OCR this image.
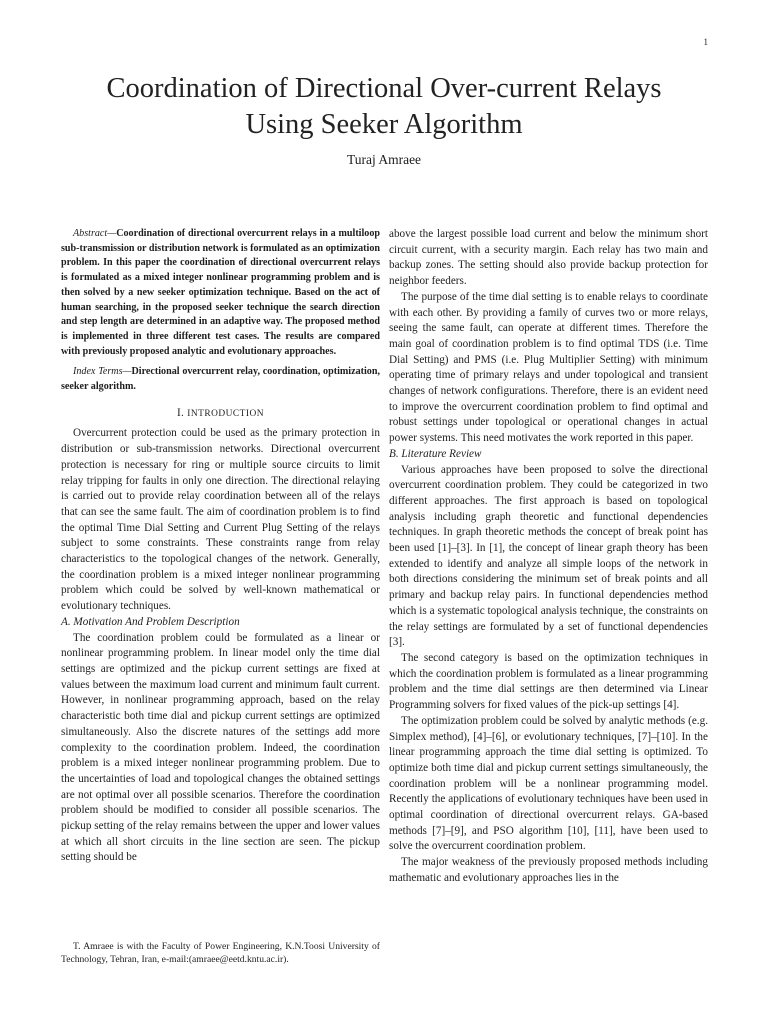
1
Coordination of Directional Over-current Relays
Using Seeker Algorithm
Turaj Amraee

Abstract—Coordination of directional overcurrent relays in a multiloop sub-transmission or distribution network is formulated as an optimization problem. In this paper the coordination of directional overcurrent relays is formulated as a mixed integer nonlinear programming problem and is then solved by a new seeker optimization technique. Based on the act of human searching, in the proposed seeker technique the search direction and step length are determined in an adaptive way. The proposed method is implemented in three different test cases. The results are compared with previously proposed analytic and evolutionary approaches.

Index Terms—Directional overcurrent relay, coordination, optimization, seeker algorithm.

I. INTRODUCTION

Overcurrent protection could be used as the primary protection in distribution or sub-transmission networks. Directional overcurrent protection is necessary for ring or multiple source circuits to limit relay tripping for faults in only one direction. The directional relaying is carried out to provide relay coordination between all of the relays that can see the same fault. The aim of coordination problem is to find the optimal Time Dial Setting and Current Plug Setting of the relays subject to some constraints. These constraints range from relay characteristics to the topological changes of the network. Generally, the coordination problem is a mixed integer nonlinear programming problem which could be solved by well-known mathematical or evolutionary techniques.

A. Motivation And Problem Description

The coordination problem could be formulated as a linear or nonlinear programming problem. In linear model only the time dial settings are optimized and the pickup current settings are fixed at values between the maximum load current and minimum fault current. However, in nonlinear programming approach, based on the relay characteristic both time dial and pickup current settings are optimized simultaneously. Also the discrete natures of the settings add more complexity to the coordination problem. Indeed, the coordination problem is a mixed integer nonlinear programming problem. Due to the uncertainties of load and topological changes the obtained settings are not optimal over all possible scenarios. Therefore the coordination problem should be modified to consider all possible scenarios. The pickup setting of the relay remains between the upper and lower values at which all short circuits in the line section are seen. The pickup setting should be

above the largest possible load current and below the minimum short circuit current, with a security margin. Each relay has two main and backup zones. The setting should also provide backup protection for neighbor feeders.

The purpose of the time dial setting is to enable relays to coordinate with each other. By providing a family of curves two or more relays, seeing the same fault, can operate at different times. Therefore the main goal of coordination problem is to find optimal TDS (i.e. Time Dial Setting) and PMS (i.e. Plug Multiplier Setting) with minimum operating time of primary relays and under topological and transient changes of network configurations. Therefore, there is an evident need to improve the overcurrent coordination problem to find optimal and robust settings under topological or operational changes in actual power systems. This need motivates the work reported in this paper.

B. Literature Review

Various approaches have been proposed to solve the directional overcurrent coordination problem. They could be categorized in two different approaches. The first approach is based on topological analysis including graph theoretic and functional dependencies techniques. In graph theoretic methods the concept of break point has been used [1]–[3]. In [1], the concept of linear graph theory has been extended to identify and analyze all simple loops of the network in both directions considering the minimum set of break points and all primary and backup relay pairs. In functional dependencies method which is a systematic topological analysis technique, the constraints on the relay settings are formulated by a set of functional dependencies [3].

The second category is based on the optimization techniques in which the coordination problem is formulated as a linear programming problem and the time dial settings are then determined via Linear Programming solvers for fixed values of the pick-up settings [4].

The optimization problem could be solved by analytic methods (e.g. Simplex method), [4]–[6], or evolutionary techniques, [7]–[10]. In the linear programming approach the time dial setting is optimized. To optimize both time dial and pickup current settings simultaneously, the coordination problem will be a nonlinear programming model. Recently the applications of evolutionary techniques have been used in optimal coordination of directional overcurrent relays. GA-based methods [7]–[9], and PSO algorithm [10], [11], have been used to solve the overcurrent coordination problem.

The major weakness of the previously proposed methods including mathematic and evolutionary approaches lies in the

T. Amraee is with the Faculty of Power Engineering, K.N.Toosi University of Technology, Tehran, Iran, e-mail:(amraee@eetd.kntu.ac.ir).
